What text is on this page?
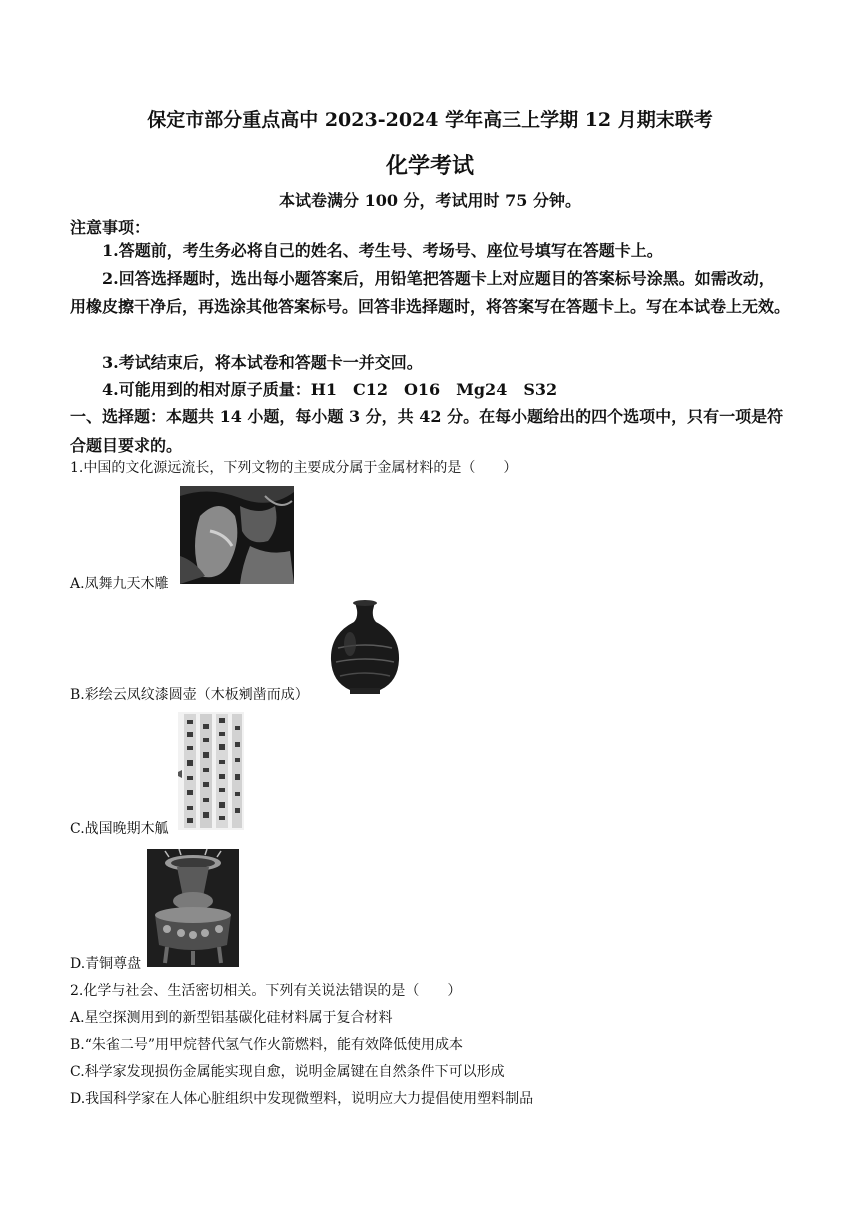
保定市部分重点高中 2023-2024 学年高三上学期 12 月期末联考
化学考试
本试卷满分 100 分，考试用时 75 分钟。
注意事项：
1.答题前，考生务必将自己的姓名、考生号、考场号、座位号填写在答题卡上。
2.回答选择题时，选出每小题答案后，用铅笔把答题卡上对应题目的答案标号涂黑。如需改动，用橡皮擦干净后，再选涂其他答案标号。回答非选择题时，将答案写在答题卡上。写在本试卷上无效。
3.考试结束后，将本试卷和答题卡一并交回。
4.可能用到的相对原子质量：H1　C12　O16　Mg24　S32
一、选择题：本题共 14 小题，每小题 3 分，共 42 分。在每小题给出的四个选项中，只有一项是符合题目要求的。
1.中国的文化源远流长，下列文物的主要成分属于金属材料的是（　　）
A.凤舞九天木雕
B.彩绘云凤纹漆圆壶（木板剜凿而成）
C.战国晚期木觚
D.青铜尊盘
2.化学与社会、生活密切相关。下列有关说法错误的是（　　）
A.星空探测用到的新型铝基碳化硅材料属于复合材料
B.“朱雀二号”用甲烷替代氢气作火箭燃料，能有效降低使用成本
C.科学家发现损伤金属能实现自愈，说明金属键在自然条件下可以形成
D.我国科学家在人体心脏组织中发现微塑料，说明应大力提倡使用塑料制品
